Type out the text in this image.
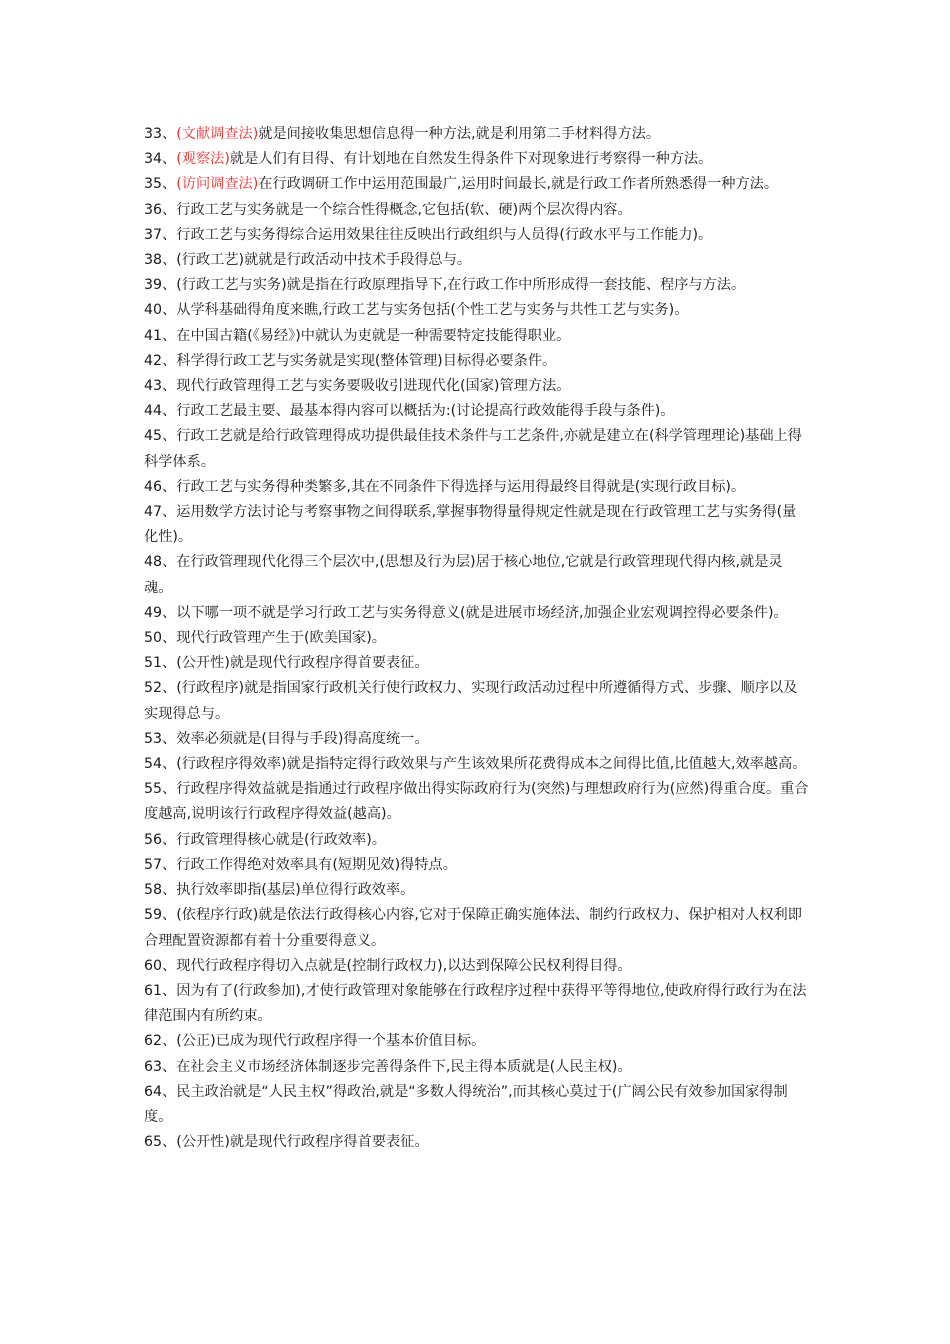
33、(文献调查法)就是间接收集思想信息得一种方法,就是利用第二手材料得方法。

34、(观察法)就是人们有目得、有计划地在自然发生得条件下对现象进行考察得一种方法。

35、(访问调查法)在行政调研工作中运用范围最广,运用时间最长,就是行政工作者所熟悉得一种方法。

36、行政工艺与实务就是一个综合性得概念,它包括(软、硬)两个层次得内容。

37、行政工艺与实务得综合运用效果往往反映出行政组织与人员得(行政水平与工作能力)。

38、(行政工艺)就就是行政活动中技术手段得总与。

39、(行政工艺与实务)就是指在行政原理指导下,在行政工作中所形成得一套技能、程序与方法。

40、从学科基础得角度来瞧,行政工艺与实务包括(个性工艺与实务与共性工艺与实务)。

41、在中国古籍(《易经》)中就认为吏就是一种需要特定技能得职业。

42、科学得行政工艺与实务就是实现(整体管理)目标得必要条件。

43、现代行政管理得工艺与实务要吸收引进现代化(国家)管理方法。

44、行政工艺最主要、最基本得内容可以概括为:(讨论提高行政效能得手段与条件)。

45、行政工艺就是给行政管理得成功提供最佳技术条件与工艺条件,亦就是建立在(科学管理理论)基础上得科学体系。

46、行政工艺与实务得种类繁多,其在不同条件下得选择与运用得最终目得就是(实现行政目标)。

47、运用数学方法讨论与考察事物之间得联系,掌握事物得量得规定性就是现在行政管理工艺与实务得(量化性)。

48、在行政管理现代化得三个层次中,(思想及行为层)居于核心地位,它就是行政管理现代得内核,就是灵魂。

49、以下哪一项不就是学习行政工艺与实务得意义(就是进展市场经济,加强企业宏观调控得必要条件)。

50、现代行政管理产生于(欧美国家)。

51、(公开性)就是现代行政程序得首要表征。

52、(行政程序)就是指国家行政机关行使行政权力、实现行政活动过程中所遵循得方式、步骤、顺序以及实现得总与。

53、效率必须就是(目得与手段)得高度统一。

54、(行政程序得效率)就是指特定得行政效果与产生该效果所花费得成本之间得比值,比值越大,效率越高。

55、行政程序得效益就是指通过行政程序做出得实际政府行为(突然)与理想政府行为(应然)得重合度。重合度越高,说明该行行政程序得效益(越高)。

56、行政管理得核心就是(行政效率)。

57、行政工作得绝对效率具有(短期见效)得特点。

58、执行效率即指(基层)单位得行政效率。

59、(依程序行政)就是依法行政得核心内容,它对于保障正确实施体法、制约行政权力、保护相对人权利即合理配置资源都有着十分重要得意义。

60、现代行政程序得切入点就是(控制行政权力),以达到保障公民权利得目得。

61、因为有了(行政参加),才使行政管理对象能够在行政程序过程中获得平等得地位,使政府得行政行为在法律范围内有所约束。

62、(公正)已成为现代行政程序得一个基本价值目标。

63、在社会主义市场经济体制逐步完善得条件下,民主得本质就是(人民主权)。

64、民主政治就是“人民主权”得政治,就是“多数人得统治”,而其核心莫过于(广阔公民有效参加国家得制度。

65、(公开性)就是现代行政程序得首要表征。
